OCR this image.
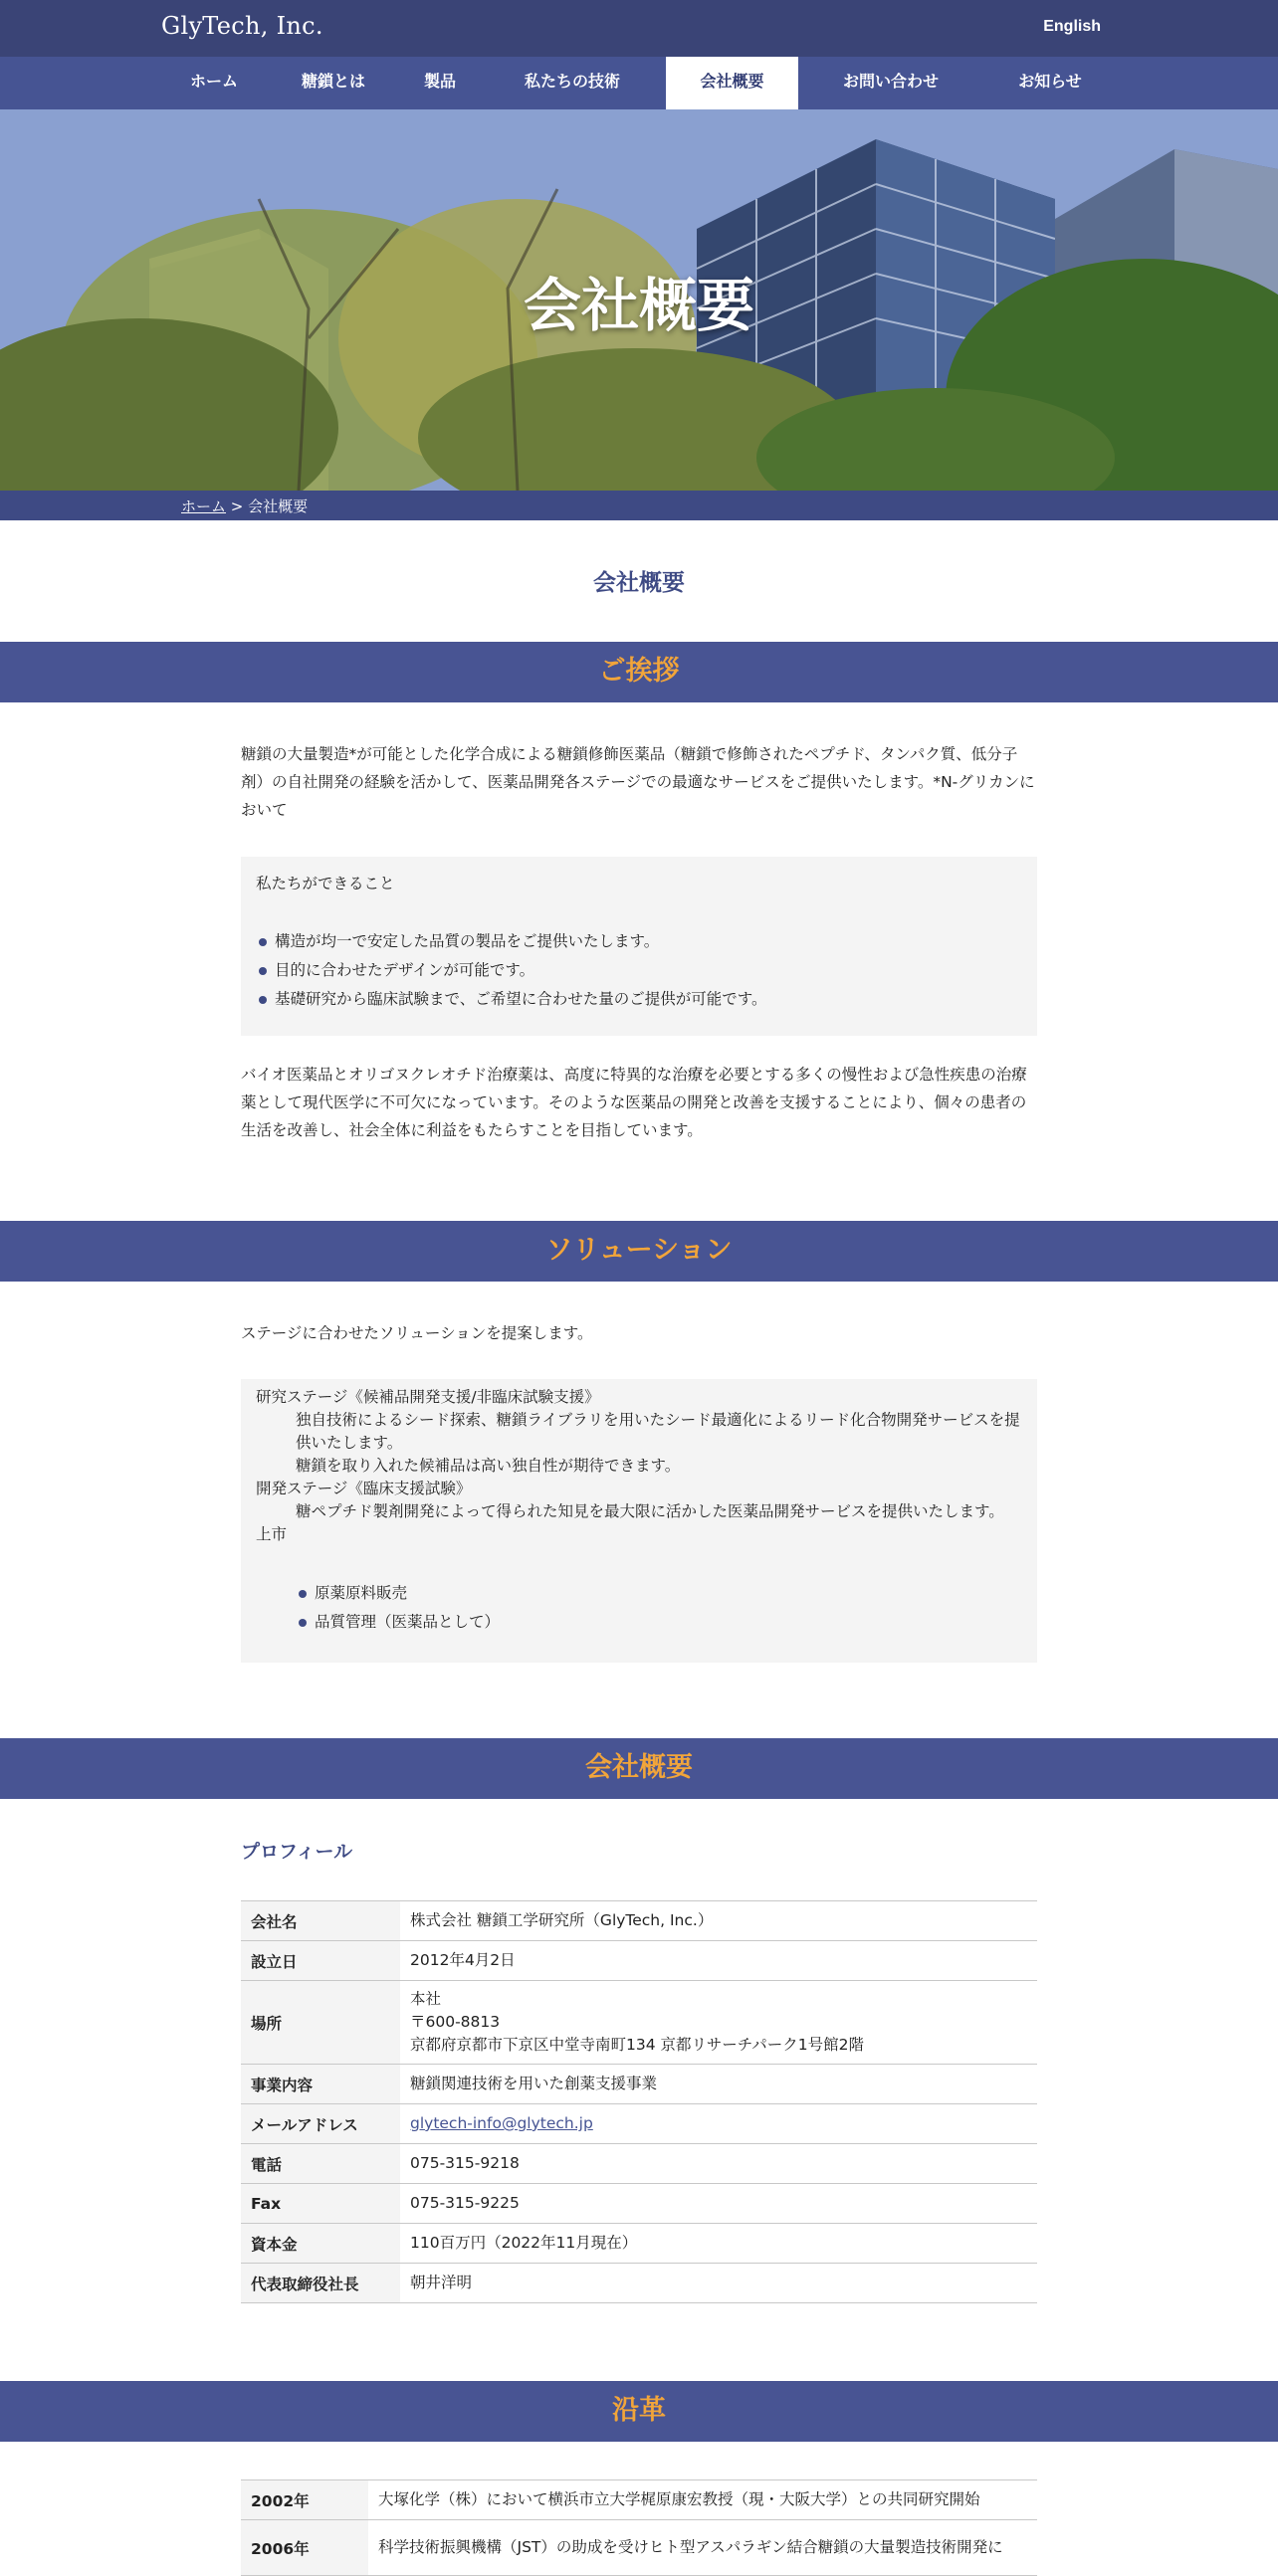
GlyTech, Inc.	English
ホーム	糖鎖とは	製品	私たちの技術	会社概要	お問い合わせ	お知らせ
会社概要
ホーム > 会社概要
会社概要
ご挨拶
糖鎖の大量製造*が可能とした化学合成による糖鎖修飾医薬品（糖鎖で修飾されたペプチド、タンパク質、低分子剤）の自社開発の経験を活かして、医薬品開発各ステージでの最適なサービスをご提供いたします。*N-グリカンにおいて
私たちができること
構造が均一で安定した品質の製品をご提供いたします。
目的に合わせたデザインが可能です。
基礎研究から臨床試験まで、ご希望に合わせた量のご提供が可能です。
バイオ医薬品とオリゴヌクレオチド治療薬は、高度に特異的な治療を必要とする多くの慢性および急性疾患の治療薬として現代医学に不可欠になっています。そのような医薬品の開発と改善を支援することにより、個々の患者の生活を改善し、社会全体に利益をもたらすことを目指しています。
ソリューション
ステージに合わせたソリューションを提案します。
研究ステージ《候補品開発支援/非臨床試験支援》
独自技術によるシード探索、糖鎖ライブラリを用いたシード最適化によるリード化合物開発サービスを提供いたします。
糖鎖を取り入れた候補品は高い独自性が期待できます。
開発ステージ《臨床支援試験》
糖ペプチド製剤開発によって得られた知見を最大限に活かした医薬品開発サービスを提供いたします。
上市
原薬原料販売
品質管理（医薬品として）
会社概要
プロフィール
会社名	株式会社 糖鎖工学研究所（GlyTech, Inc.）
設立日	2012年4月2日
場所	本社
〒600-8813
京都府京都市下京区中堂寺南町134 京都リサーチパーク1号館2階

事業内容	糖鎖関連技術を用いた創薬支援事業
メールアドレス	glytech-info@glytech.jp
電話	075-315-9218
Fax	075-315-9225
資本金	110百万円（2022年11月現在）
代表取締役社長	朝井洋明
沿革
2002年	大塚化学（株）において横浜市立大学梶原康宏教授（現・大阪大学）との共同研究開始
2006年	科学技術振興機構（JST）の助成を受けヒト型アスパラギン結合糖鎖の大量製造技術開発に
